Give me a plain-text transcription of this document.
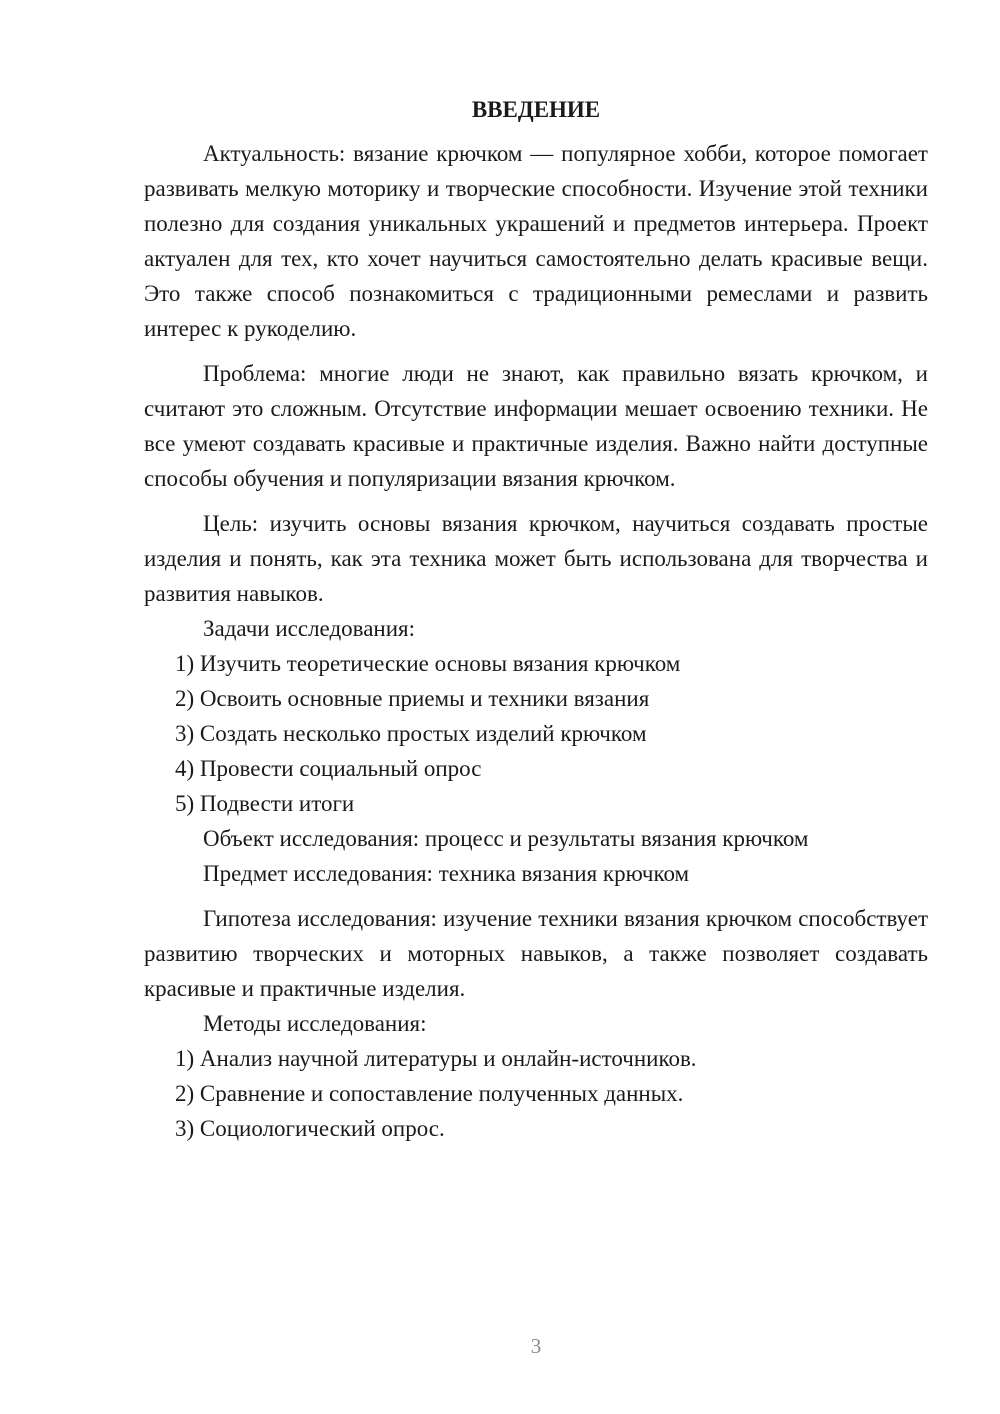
ВВЕДЕНИЕ

Актуальность: вязание крючком — популярное хобби, которое помогает развивать мелкую моторику и творческие способности. Изучение этой техники полезно для создания уникальных украшений и предметов интерьера. Проект актуален для тех, кто хочет научиться самостоятельно делать красивые вещи. Это также способ познакомиться с традиционными ремеслами и развить интерес к рукоделию.

Проблема: многие люди не знают, как правильно вязать крючком, и считают это сложным. Отсутствие информации мешает освоению техники. Не все умеют создавать красивые и практичные изделия. Важно найти доступные способы обучения и популяризации вязания крючком.

Цель: изучить основы вязания крючком, научиться создавать простые изделия и понять, как эта техника может быть использована для творчества и развития навыков.

Задачи исследования:

1) Изучить теоретические основы вязания крючком

2) Освоить основные приемы и техники вязания

3) Создать несколько простых изделий крючком

4) Провести социальный опрос

5) Подвести итоги

Объект исследования: процесс и результаты вязания крючком

Предмет исследования: техника вязания крючком

Гипотеза исследования: изучение техники вязания крючком способствует развитию творческих и моторных навыков, а также позволяет создавать красивые и практичные изделия.

Методы исследования:

1) Анализ научной литературы и онлайн-источников.

2) Сравнение и сопоставление полученных данных.

3) Социологический опрос.

3
